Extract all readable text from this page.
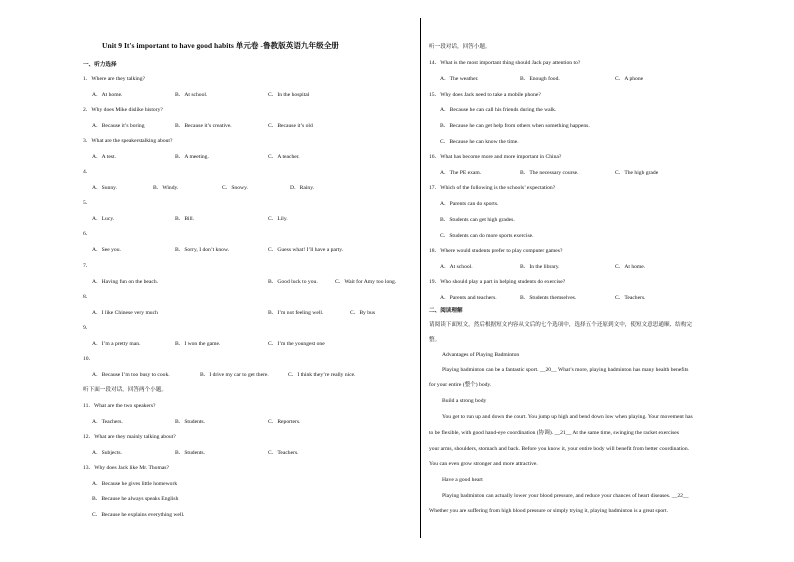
Unit 9 It's important to have good habits 单元卷 -鲁教版英语九年级全册
一、听力选择
1．Where are they talking?
A．At home.	B．At school.	C．In the hospital
2．Why does Mike dislike history?
A．Because it’s boring	B．Because it’s creative.	C．Because it’s old
3．What are the speakerstalking about?
A．A test.	B．A meeting.	C．A teacher.
4．
A．Sunny.	B．Windy.	C．Snowy.	D．Rainy.
5．
A．Lucy.	B．Bill.	C．Lily.
6．
A．See you.	B．Sorry, I don’t know.	C．Guess what! I’ll have a party.
7．
A．Having fun on the beach.	B．Good luck to you.	C．Wait for Amy too long.
8．
A．I like Chinese very much	B．I’m not feeling well.	C．By bus
9．
A．I’m a pretty man.	B．I won the game.	C．I’m the youngest one
10．
A．Because I’m too busy to cook.	B．I drive my car to get there.	C．I think they’re really nice.
听下面一段对话，回答两个小题。
11．What are the two speakers?
A．Teachers.	B．Students.	C．Reporters.
12．What are they mainly talking about?
A．Subjects.	B．Students.	C．Teachers.
13．Why does Jack like Mr. Thomas?
A．Because he gives little homework
B．Because he always speaks English
C．Because he explains everything well.
听一段对话，回答小题。
14．What is the most important thing should Jack pay attention to?
A．The weather.	B．Enough food.	C．A phone
15．Why does Jack need to take a mobile phone?
A．Because he can call his friends during the walk.
B．Because he can get help from others when something happens.
C．Because he can know the time.
16．What has become more and more important in China?
A．The PE exam.	B．The necessary course.	C．The high grade
17．Which of the following is the schools’ expectation?
A．Parents can do sports.
B．Students can get high grades.
C．Students can do more sports exercise.
18．Where would students prefer to play computer games?
A．At school.	B．In the library.	C．At home.
19．Who should play a part in helping students do exercise?
A．Parents and teachers.	B．Students themselves.	C．Teachers.
二、阅读理解
请阅读下面短文，然后根据短文内容从文后的七个选项中，选择五个还原到文中，使短文意思通顺、结构完
整。
Advantages of Playing Badminton
Playing badminton can be a fantastic sport. __20__ What’s more, playing badminton has many health benefits
for your entire (整个) body.
Build a strong body
You get to run up and down the court. You jump up high and bend down low when playing. Your movement has
to be flexible, with good hand-eye coordination (协调). __21__ At the same time, swinging the racket exercises
your arms, shoulders, stomach and back. Before you know it, your entire body will benefit from better coordination.
You can even grow stronger and more attractive.
Have a good heart
Playing badminton can actually lower your blood pressure, and reduce your chances of heart diseases. __22__
Whether you are suffering from high blood pressure or simply trying it, playing badminton is a great sport.
